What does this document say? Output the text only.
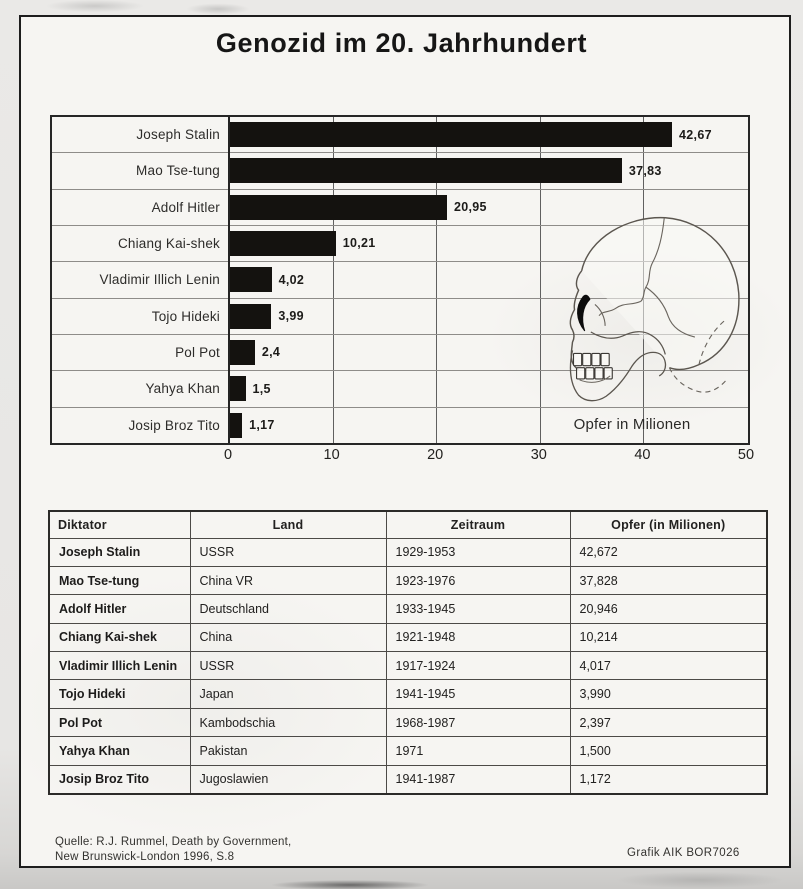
Genozid im 20. Jahrhundert
Joseph Stalin	42,67
Mao Tse-tung	37,83
Adolf Hitler	20,95
Chiang Kai-shek	10,21
Vladimir Illich Lenin	4,02
Tojo Hideki	3,99
Pol Pot	2,4
Yahya Khan	1,5
Josip Broz Tito 1,17	Opfer in Milionen
0	10	20	30	40	50
Diktator	Land	Zeitraum	Opfer (in Milionen)
Joseph Stalin	USSR	1929-1953	42,672
Mao Tse-tung	China VR	1923-1976	37,828
Adolf Hitler	Deutschland	1933-1945	20,946
Chiang Kai-shek	China	1921-1948	10,214
Vladimir Illich Lenin	USSR	1917-1924	4,017
Tojo Hideki	Japan	1941-1945	3,990
Pol Pot	Kambodschia	1968-1987	2,397
Yahya Khan	Pakistan	1971	1,500
Josip Broz Tito	Jugoslawien	1941-1987	1,172
Quelle: R.J. Rummel, Death by Government,
New Brunswick-London 1996, S.8	Grafik AIK BOR7026
